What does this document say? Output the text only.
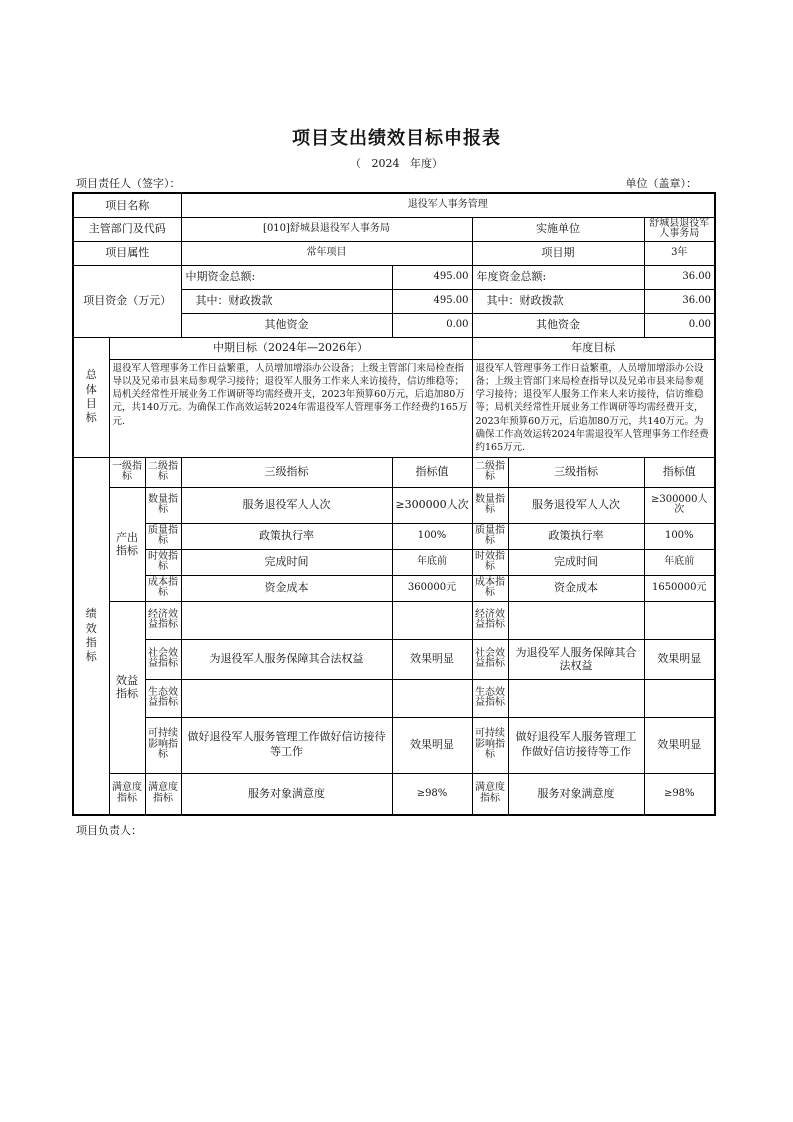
项目支出绩效目标申报表
（   2024   年度）
项目责任人（签字）：	单位（盖章）：
项目名称			退役军人事务管理				
主管部门及代码			[010]舒城县退役军人事务局		实施单位		舒城县退役军人事务局
项目属性			常年项目		项目期		3年
项目资金（万元）			中期资金总额:	495.00	年度资金总额:		36.00
			其中：财政拨款	495.00	其中：财政拨款		36.00
			其他资金	0.00	其他资金		0.00
总体目标	中期目标（2024年—2026年）				年度目标		
	退役军人管理事务工作日益繁重，人员增加增添办公设备；上级主管部门来局检查指导以及兄弟市县来局参观学习接待；退役军人服务工作来人来访接待，信访维稳等；局机关经常性开展业务工作调研等均需经费开支，2023年预算60万元，后追加80万元，共140万元。为确保工作高效运转2024年需退役军人管理事务工作经费约165万元.				退役军人管理事务工作日益繁重，人员增加增添办公设备；上级主管部门来局检查指导以及兄弟市县来局参观学习接待；退役军人服务工作来人来访接待，信访维稳等；局机关经常性开展业务工作调研等均需经费开支，2023年预算60万元，后追加80万元，共140万元。为确保工作高效运转2024年需退役军人管理事务工作经费约165万元.		
绩效指标	一级指标	二级指标	三级指标	指标值	二级指标	三级指标	指标值
	产出指标	数量指标	服务退役军人人次	≥300000人次	数量指标	服务退役军人人次	≥300000人次
		质量指标	政策执行率	100%	质量指标	政策执行率	100%
		时效指标	完成时间	年底前	时效指标	完成时间	年底前
		成本指标	资金成本	360000元	成本指标	资金成本	1650000元
	效益指标	经济效益指标			经济效益指标		
		社会效益指标	为退役军人服务保障其合法权益	效果明显	社会效益指标	为退役军人服务保障其合法权益	效果明显
		生态效益指标			生态效益指标		
		可持续影响指标	做好退役军人服务管理工作做好信访接待等工作	效果明显	可持续影响指标	做好退役军人服务管理工作做好信访接待等工作	效果明显
	满意度指标	满意度指标	服务对象满意度	≥98%	满意度指标	服务对象满意度	≥98%
项目负责人：
